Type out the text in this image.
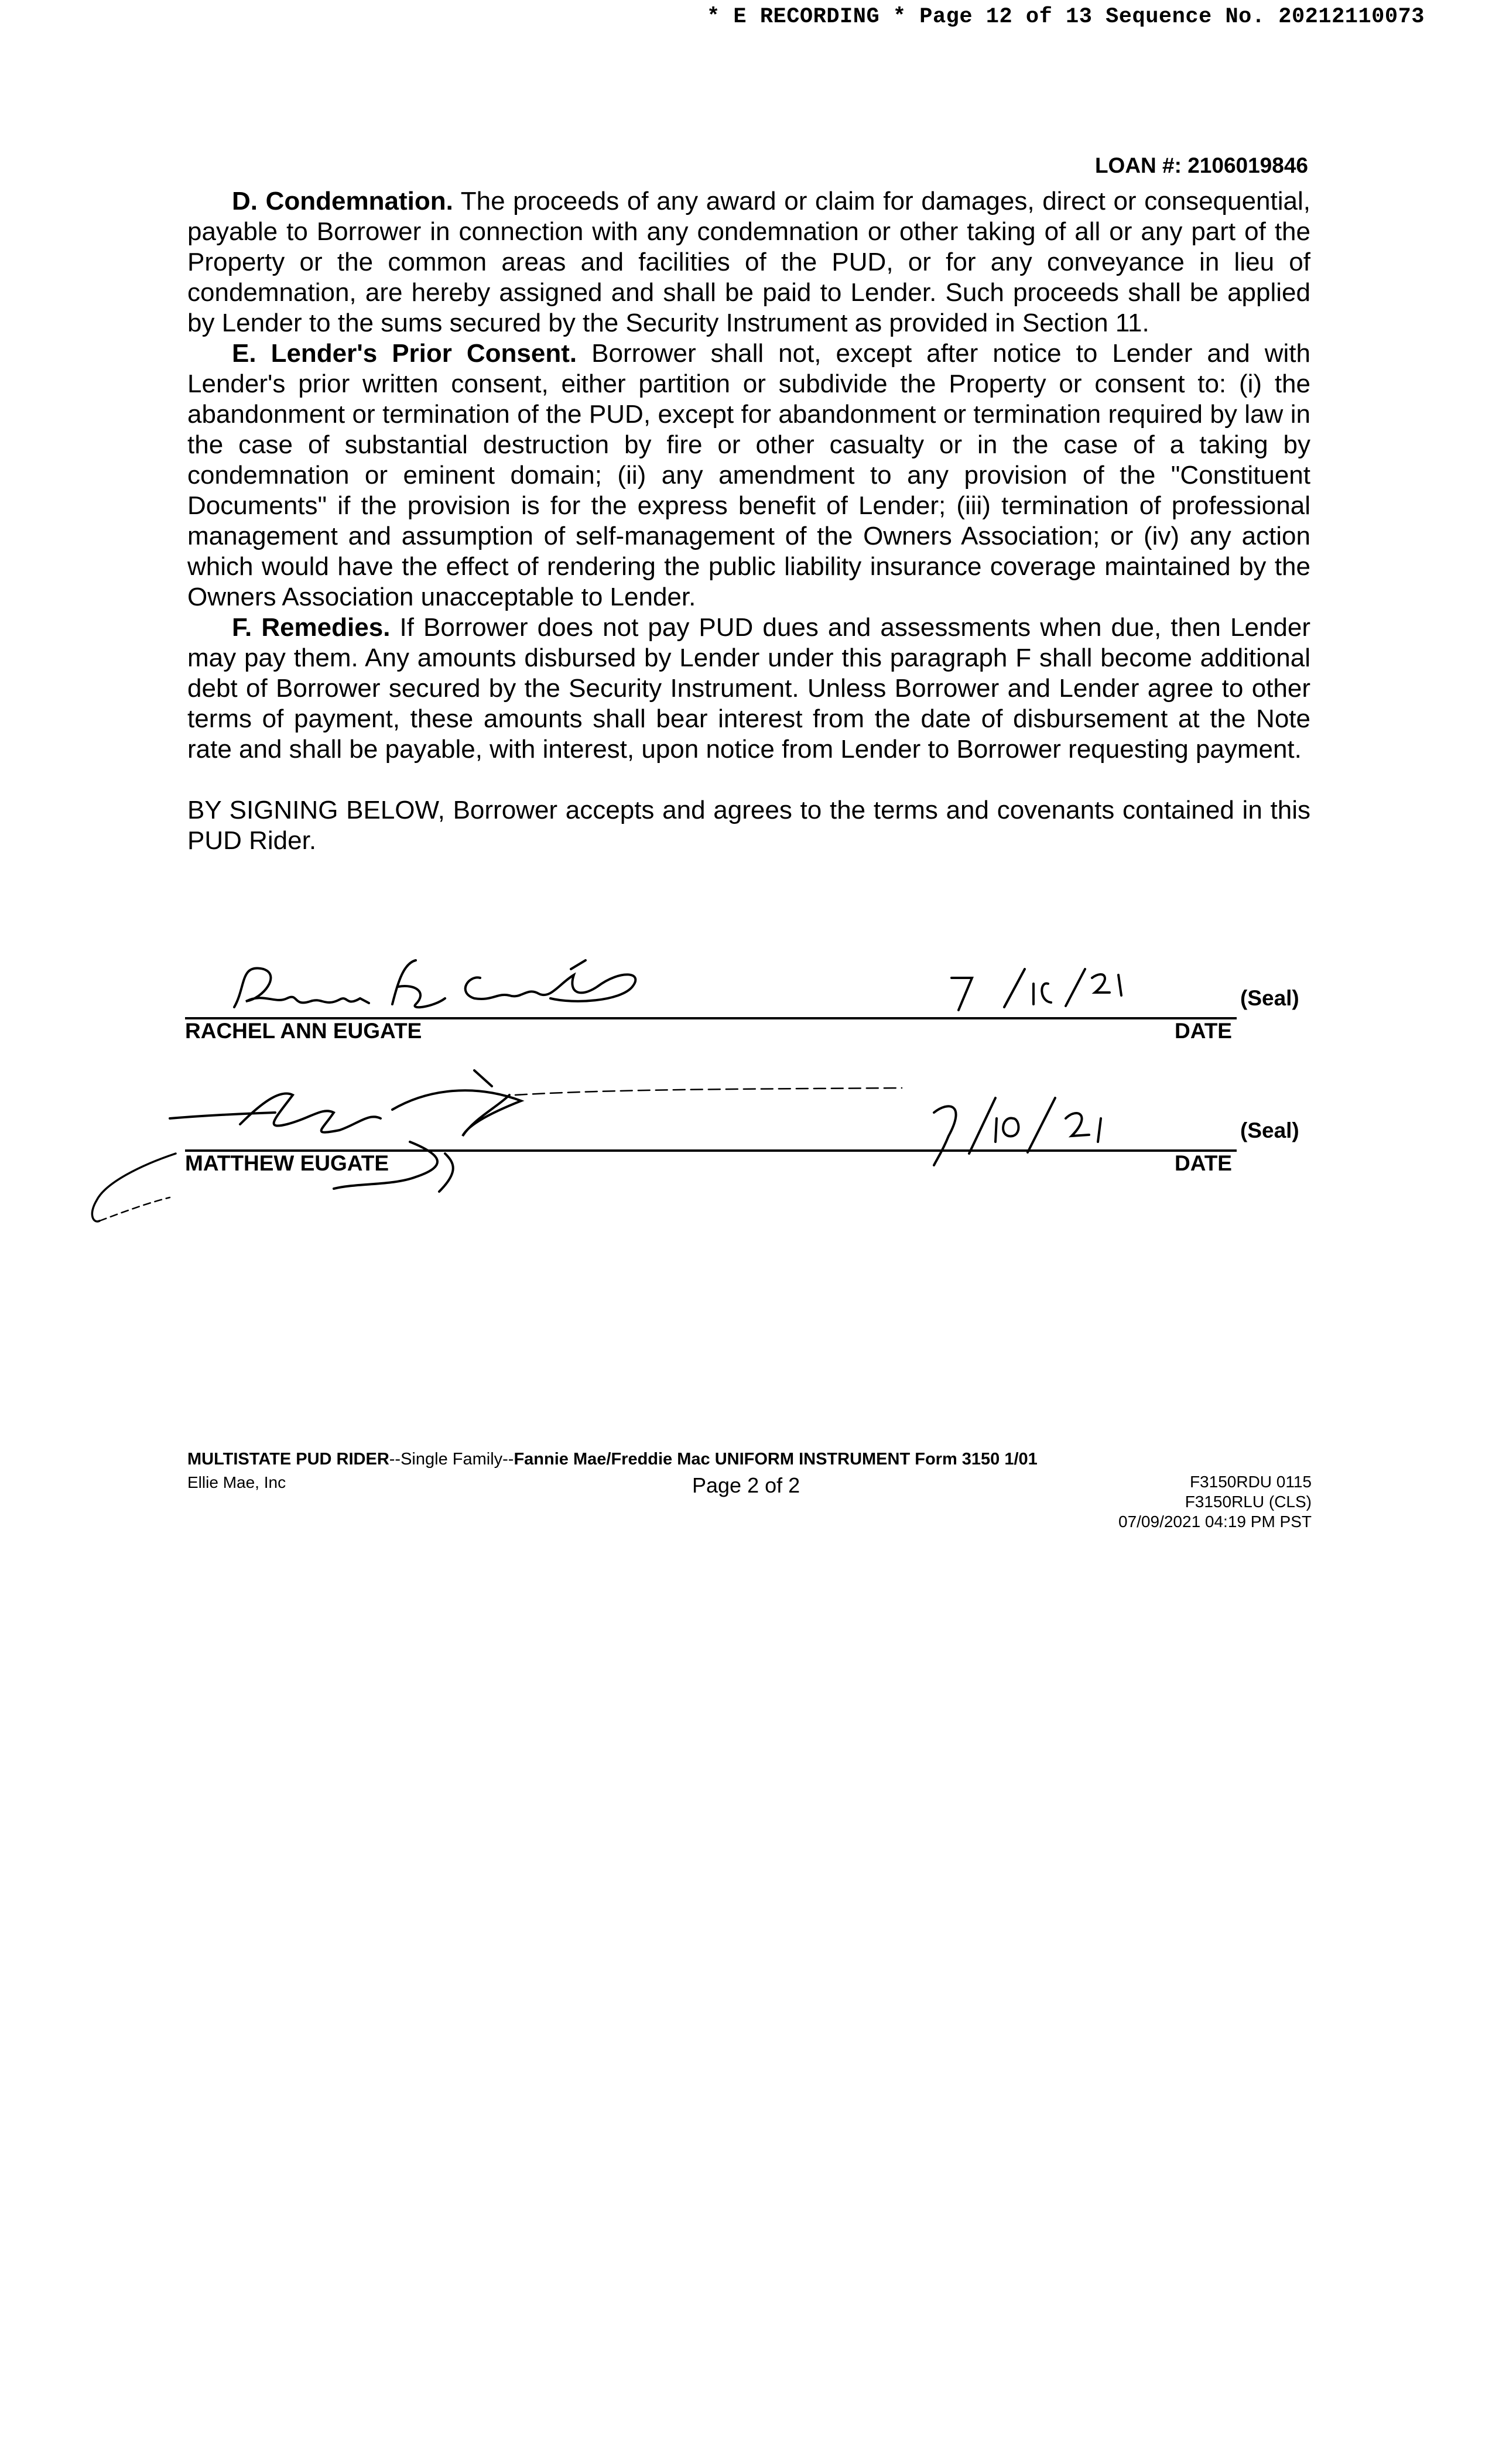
* E RECORDING * Page 12 of 13 Sequence No. 20212110073
LOAN #: 2106019846

D. Condemnation. The proceeds of any award or claim for damages, direct or consequential, payable to Borrower in connection with any condemnation or other taking of all or any part of the Property or the common areas and facilities of the PUD, or for any conveyance in lieu of condemnation, are hereby assigned and shall be paid to Lender. Such proceeds shall be applied by Lender to the sums secured by the Security Instrument as provided in Section 11.

E. Lender's Prior Consent. Borrower shall not, except after notice to Lender and with Lender's prior written consent, either partition or subdivide the Property or consent to: (i) the abandonment or termination of the PUD, except for abandonment or termination required by law in the case of substantial destruction by fire or other casualty or in the case of a taking by condemnation or eminent domain; (ii) any amendment to any provision of the "Constituent Documents" if the provision is for the express benefit of Lender; (iii) termination of professional management and assumption of self-management of the Owners Association; or (iv) any action which would have the effect of rendering the public liability insurance coverage maintained by the Owners Association unacceptable to Lender.

F. Remedies. If Borrower does not pay PUD dues and assessments when due, then Lender may pay them. Any amounts disbursed by Lender under this paragraph F shall become additional debt of Borrower secured by the Security Instrument. Unless Borrower and Lender agree to other terms of payment, these amounts shall bear interest from the date of disbursement at the Note rate and shall be payable, with interest, upon notice from Lender to Borrower requesting payment.

BY SIGNING BELOW, Borrower accepts and agrees to the terms and covenants contained in this PUD Rider.

(Seal)
RACHEL ANN EUGATE	DATE
(Seal)
MATTHEW EUGATE	DATE
MULTISTATE PUD RIDER--Single Family--Fannie Mae/Freddie Mac UNIFORM INSTRUMENT Form 3150 1/01
Ellie Mae, Inc	Page 2 of 2	F3150RDU 0115
F3150RLU (CLS)
07/09/2021 04:19 PM PST
